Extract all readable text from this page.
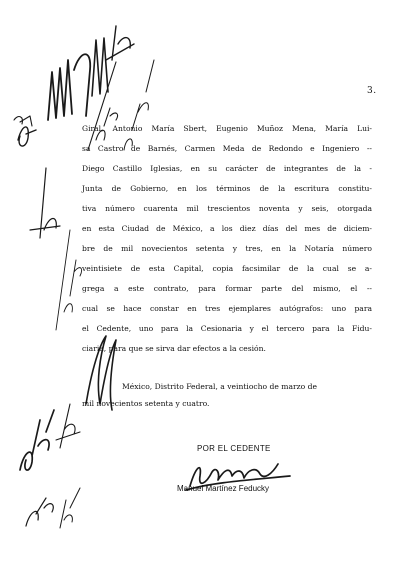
3.
Giral, Antonio María Sbert, Eugenio Muñoz Mena, María Lui-
sa Castro de Barnés, Carmen Meda de Redondo e Ingeniero --
Diego Castillo Iglesias, en su carácter de integrantes de la -
Junta de Gobierno, en los términos de la escritura constitu-
tiva número cuarenta mil trescientos noventa y seis, otorgada
en esta Ciudad de México, a los diez días del mes de diciem-
bre de mil novecientos setenta y tres, en la Notaría número
veintisiete de esta Capital, copia facsimilar de la cual se a-
grega a este contrato, para formar parte del mismo, el --
cual se hace constar en tres ejemplares autógrafos: uno para
el Cedente, uno para la Cesionaria y el tercero para la Fidu-
ciaria, para que se sirva dar efectos a la cesión.
México, Distrito Federal, a veintiocho de marzo de
mil novecientos setenta y cuatro.
POR EL CEDENTE
Manuel Martínez Feducky
